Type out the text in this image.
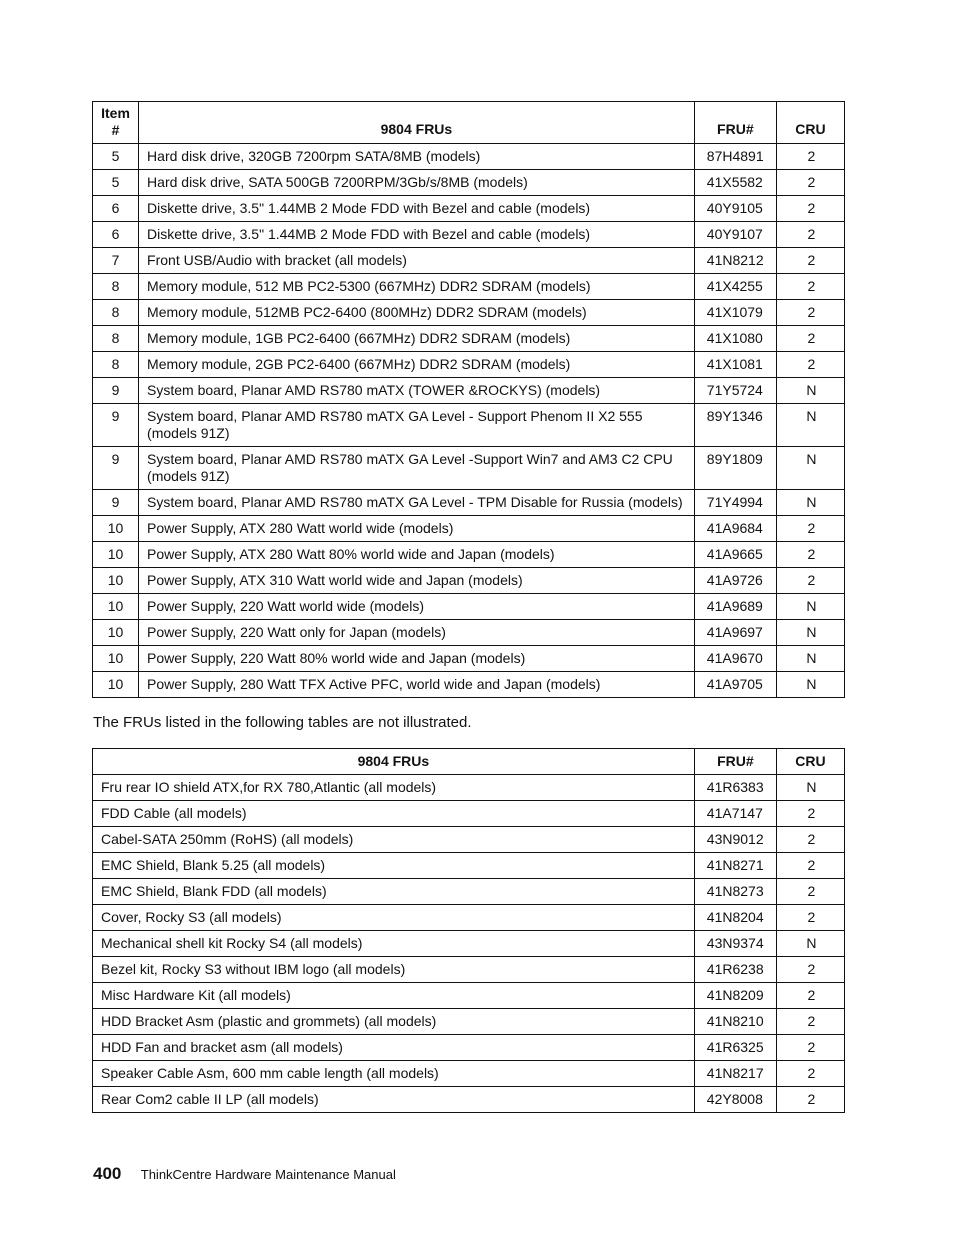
Item #	9804 FRUs	FRU#	CRU
5	Hard disk drive, 320GB 7200rpm SATA/8MB (models)	87H4891	2
5	Hard disk drive, SATA 500GB 7200RPM/3Gb/s/8MB (models)	41X5582	2
6	Diskette drive, 3.5" 1.44MB 2 Mode FDD with Bezel and cable (models)	40Y9105	2
6	Diskette drive, 3.5" 1.44MB 2 Mode FDD with Bezel and cable (models)	40Y9107	2
7	Front USB/Audio with bracket (all models)	41N8212	2
8	Memory module, 512 MB PC2-5300 (667MHz) DDR2 SDRAM (models)	41X4255	2
8	Memory module, 512MB PC2-6400 (800MHz) DDR2 SDRAM (models)	41X1079	2
8	Memory module, 1GB PC2-6400 (667MHz) DDR2 SDRAM (models)	41X1080	2
8	Memory module, 2GB PC2-6400 (667MHz) DDR2 SDRAM (models)	41X1081	2
9	System board, Planar AMD RS780 mATX (TOWER &ROCKYS) (models)	71Y5724	N
9	System board, Planar AMD RS780 mATX GA Level - Support Phenom II X2 555 (models 91Z)	89Y1346	N
9	System board, Planar AMD RS780 mATX GA Level -Support Win7 and AM3 C2 CPU (models 91Z)	89Y1809	N
9	System board, Planar AMD RS780 mATX GA Level - TPM Disable for Russia (models)	71Y4994	N
10	Power Supply, ATX 280 Watt world wide (models)	41A9684	2
10	Power Supply, ATX 280 Watt 80% world wide and Japan (models)	41A9665	2
10	Power Supply, ATX 310 Watt world wide and Japan (models)	41A9726	2
10	Power Supply, 220 Watt world wide (models)	41A9689	N
10	Power Supply, 220 Watt only for Japan (models)	41A9697	N
10	Power Supply, 220 Watt 80% world wide and Japan (models)	41A9670	N
10	Power Supply, 280 Watt TFX Active PFC, world wide and Japan (models)	41A9705	N

The FRUs listed in the following tables are not illustrated.

9804 FRUs	FRU#	CRU
Fru rear IO shield ATX,for RX 780,Atlantic (all models)	41R6383	N
FDD Cable (all models)	41A7147	2
Cabel-SATA 250mm (RoHS) (all models)	43N9012	2
EMC Shield, Blank 5.25 (all models)	41N8271	2
EMC Shield, Blank FDD (all models)	41N8273	2
Cover, Rocky S3 (all models)	41N8204	2
Mechanical shell kit Rocky S4 (all models)	43N9374	N
Bezel kit, Rocky S3 without IBM logo (all models)	41R6238	2
Misc Hardware Kit (all models)	41N8209	2
HDD Bracket Asm (plastic and grommets) (all models)	41N8210	2
HDD Fan and bracket asm (all models)	41R6325	2
Speaker Cable Asm, 600 mm cable length (all models)	41N8217	2
Rear Com2 cable II LP (all models)	42Y8008	2
400 ThinkCentre Hardware Maintenance Manual
